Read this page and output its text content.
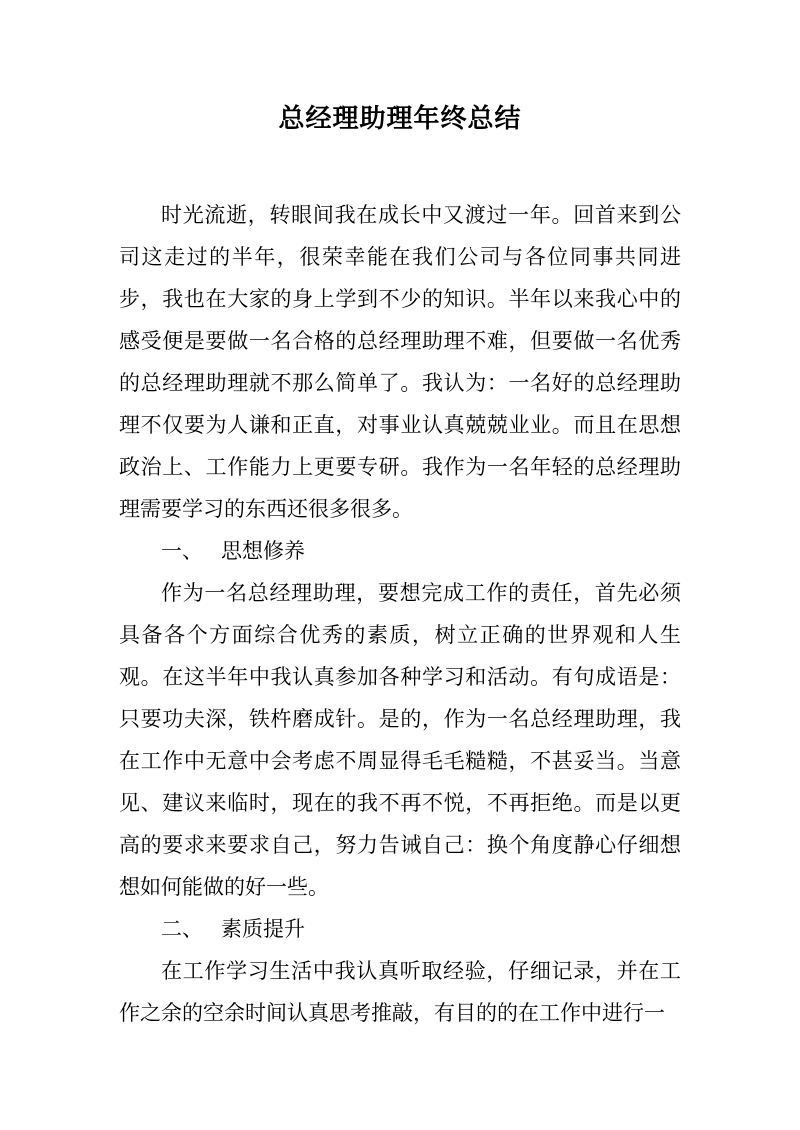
总经理助理年终总结

时光流逝，转眼间我在成长中又渡过一年。回首来到公司这走过的半年，很荣幸能在我们公司与各位同事共同进步，我也在大家的身上学到不少的知识。半年以来我心中的感受便是要做一名合格的总经理助理不难，但要做一名优秀的总经理助理就不那么简单了。我认为：一名好的总经理助理不仅要为人谦和正直，对事业认真兢兢业业。而且在思想政治上、工作能力上更要专研。我作为一名年轻的总经理助理需要学习的东西还很多很多。

一、 思想修养

作为一名总经理助理，要想完成工作的责任，首先必须具备各个方面综合优秀的素质，树立正确的世界观和人生观。在这半年中我认真参加各种学习和活动。有句成语是：只要功夫深，铁杵磨成针。是的，作为一名总经理助理，我在工作中无意中会考虑不周显得毛毛糙糙，不甚妥当。当意见、建议来临时，现在的我不再不悦，不再拒绝。而是以更高的要求来要求自己，努力告诫自己：换个角度静心仔细想想如何能做的好一些。

二、 素质提升

在工作学习生活中我认真听取经验，仔细记录，并在工作之余的空余时间认真思考推敲，有目的的在工作中进行一
